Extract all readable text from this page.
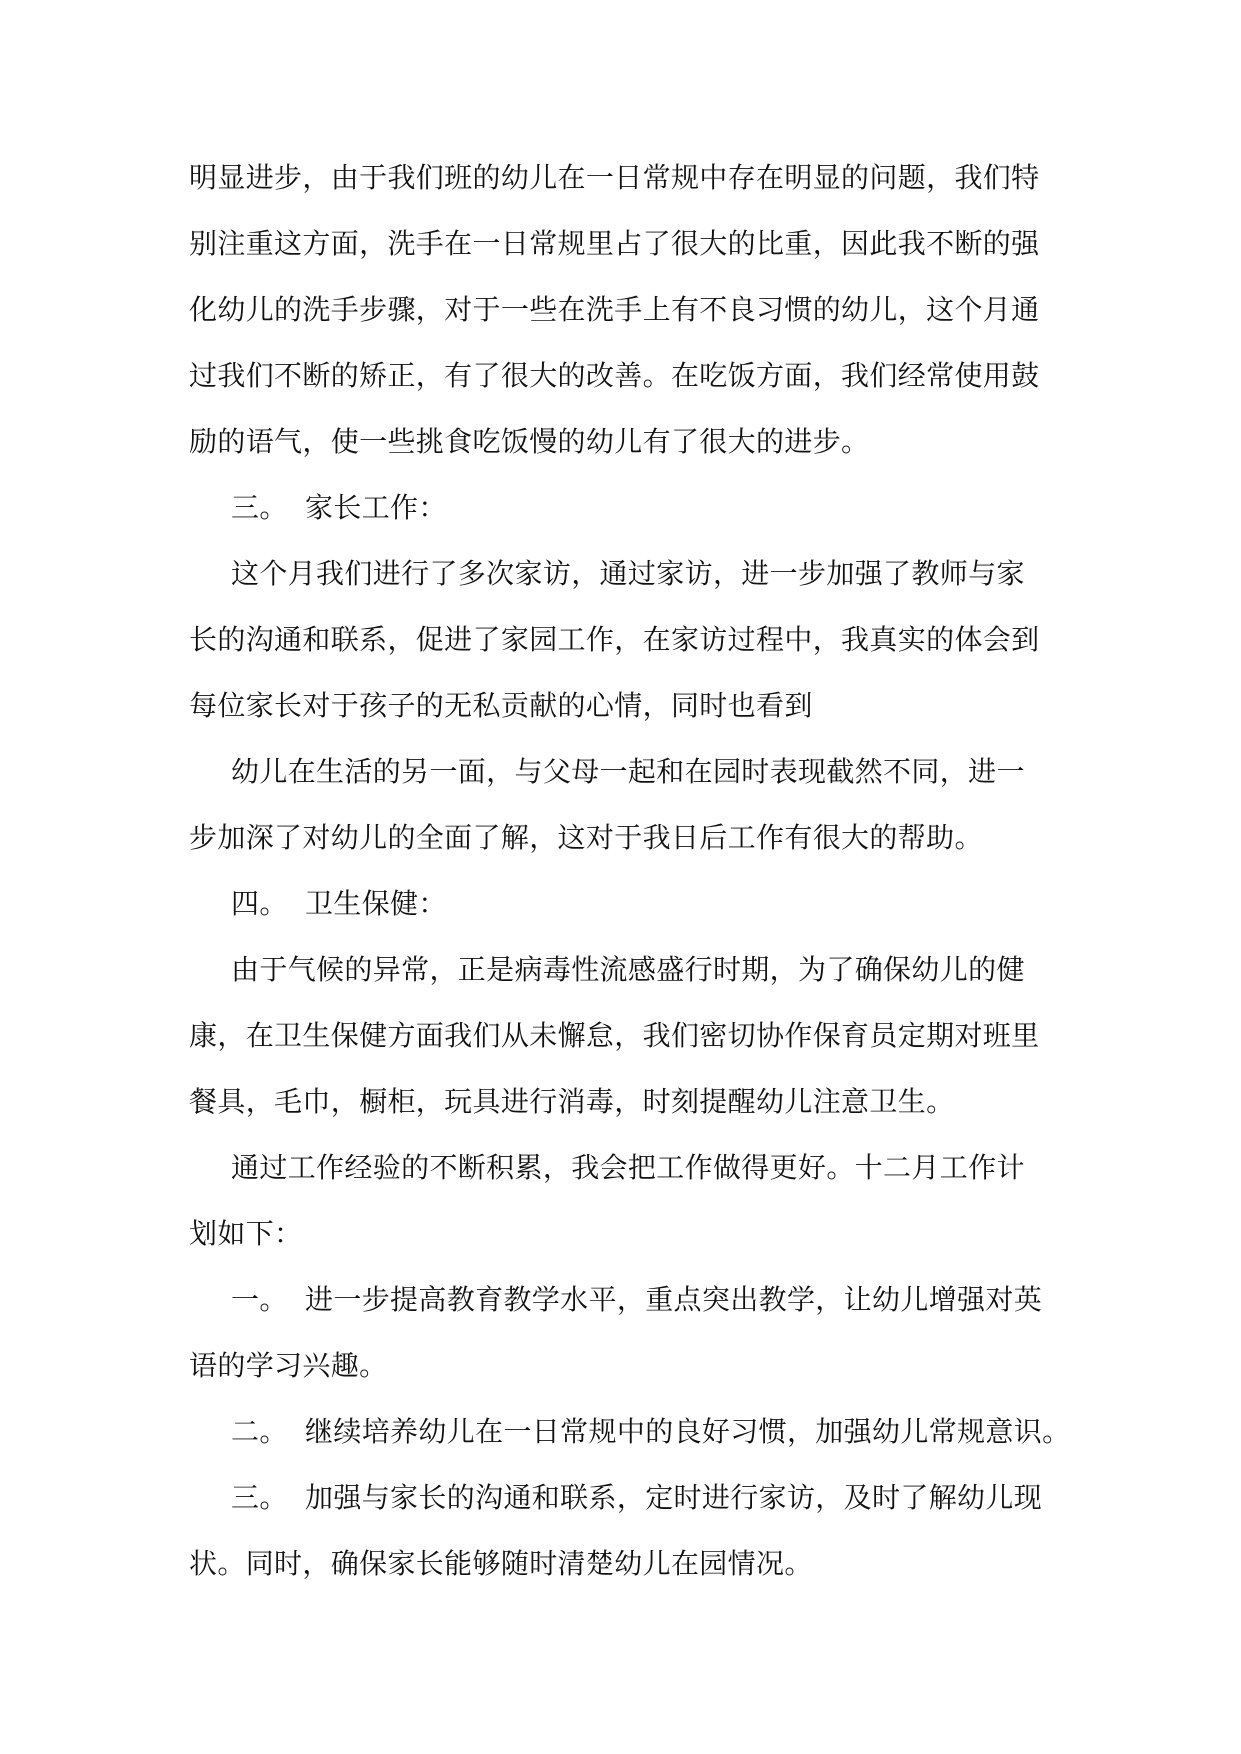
明显进步，由于我们班的幼儿在一日常规中存在明显的问题，我们特
别注重这方面，洗手在一日常规里占了很大的比重，因此我不断的强
化幼儿的洗手步骤，对于一些在洗手上有不良习惯的幼儿，这个月通
过我们不断的矫正，有了很大的改善。在吃饭方面，我们经常使用鼓
励的语气，使一些挑食吃饭慢的幼儿有了很大的进步。
三。 家长工作：
这个月我们进行了多次家访，通过家访，进一步加强了教师与家
长的沟通和联系，促进了家园工作，在家访过程中，我真实的体会到
每位家长对于孩子的无私贡献的心情，同时也看到
幼儿在生活的另一面，与父母一起和在园时表现截然不同，进一
步加深了对幼儿的全面了解，这对于我日后工作有很大的帮助。
四。 卫生保健：
由于气候的异常，正是病毒性流感盛行时期，为了确保幼儿的健
康，在卫生保健方面我们从未懈怠，我们密切协作保育员定期对班里
餐具，毛巾，橱柜，玩具进行消毒，时刻提醒幼儿注意卫生。
通过工作经验的不断积累，我会把工作做得更好。十二月工作计
划如下：
一。 进一步提高教育教学水平，重点突出教学，让幼儿增强对英
语的学习兴趣。
二。 继续培养幼儿在一日常规中的良好习惯，加强幼儿常规意识。
三。 加强与家长的沟通和联系，定时进行家访，及时了解幼儿现
状。同时，确保家长能够随时清楚幼儿在园情况。
